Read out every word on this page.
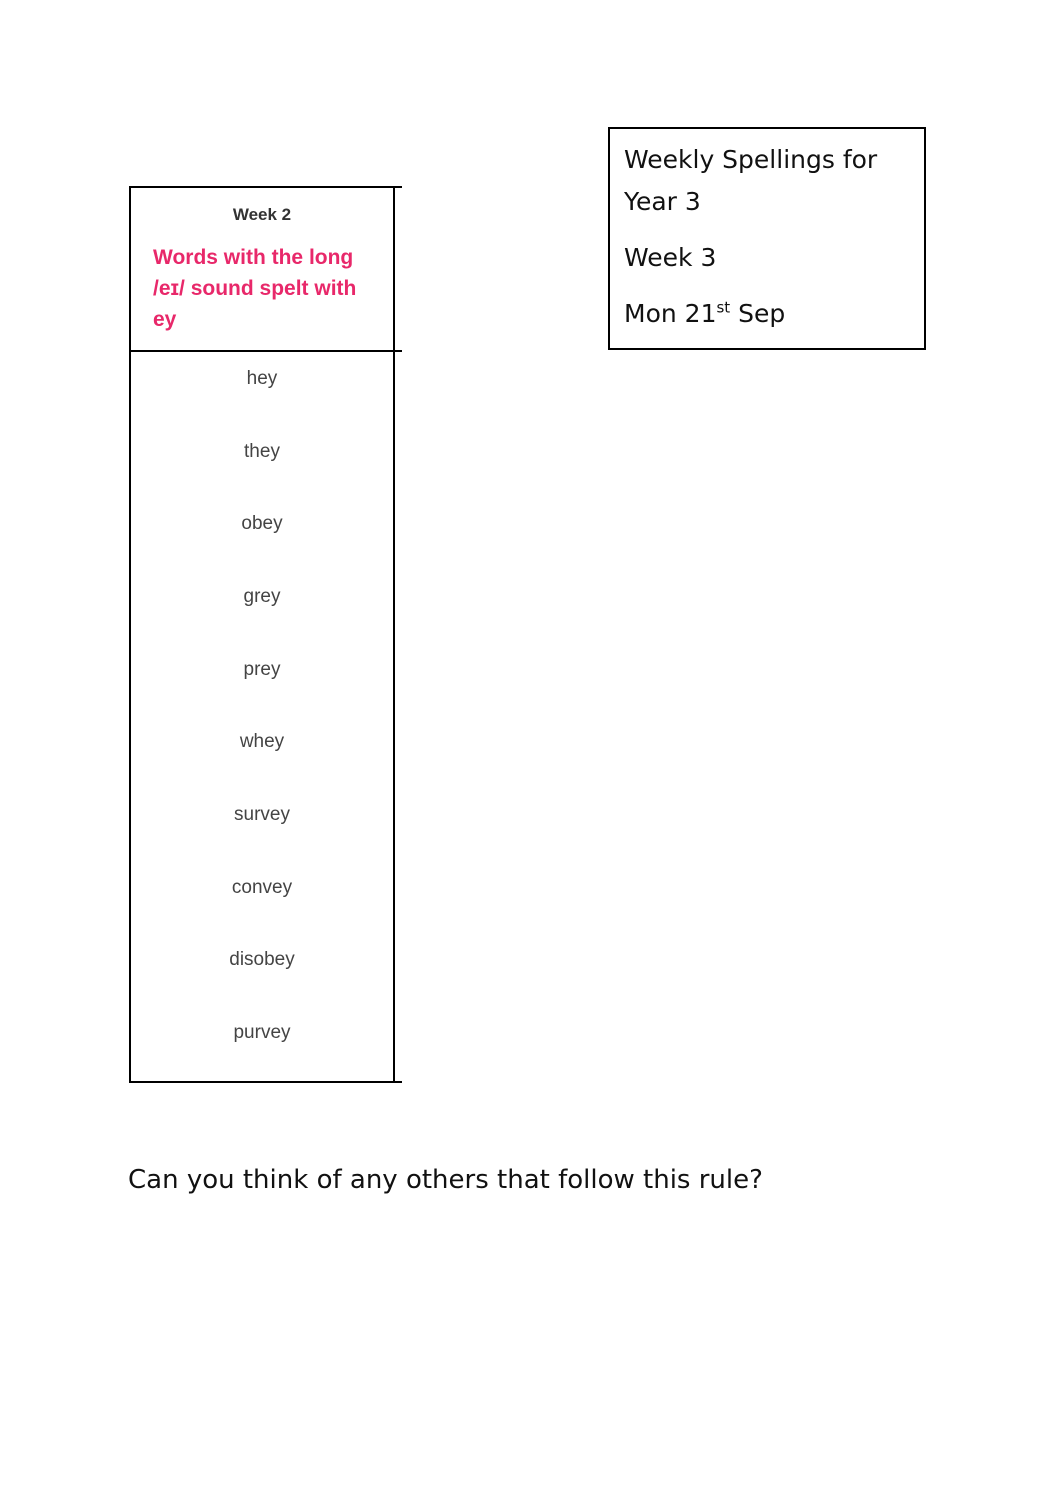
Weekly Spellings for
Year 3
Week 3
Mon 21st Sep
Week 2
Words with the long /eɪ/ sound spelt with ey
hey
they
obey
grey
prey
whey
survey
convey
disobey
purvey
Can you think of any others that follow this rule?
